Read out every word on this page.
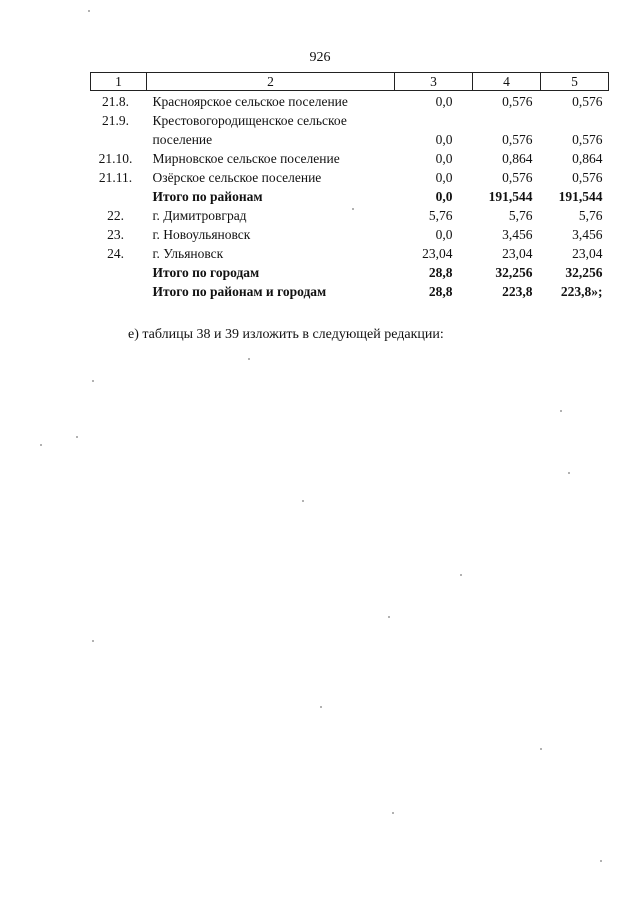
926
1	2	3	4	5
21.8.	Красноярское сельское поселение	0,0	0,576	0,576
21.9.	Крестовогородищенское сельское			
	поселение	0,0	0,576	0,576
21.10.	Мирновское сельское поселение	0,0	0,864	0,864
21.11.	Озёрское сельское поселение	0,0	0,576	0,576
	Итого по районам	0,0	191,544	191,544
22.	г. Димитровград	5,76	5,76	5,76
23.	г. Новоульяновск	0,0	3,456	3,456
24.	г. Ульяновск	23,04	23,04	23,04
	Итого по городам	28,8	32,256	32,256
	Итого по районам и городам	28,8	223,8	223,8»;
е) таблицы 38 и 39 изложить в следующей редакции:
